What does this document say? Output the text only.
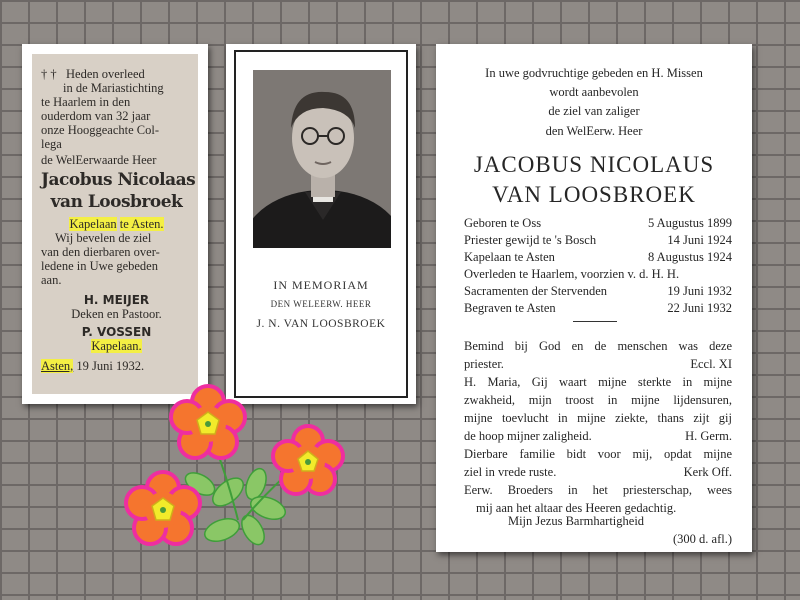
† † Heden overleed
in de Mariastichting
te Haarlem in den
ouderdom van 32 jaar
onze Hooggeachte Col-
lega
de WelEerwaarde Heer
Jacobus Nicolaas
van Loosbroek
Kapelaan te Asten.
Wij bevelen de ziel
van den dierbaren over-
ledene in Uwe gebeden
aan.
H. MEIJER
Deken en Pastoor.
P. VOSSEN
Kapelaan.
Asten, 19 Juni 1932.
IN MEMORIAM
DEN WELEERW. HEER
J. N. VAN LOOSBROEK
In uwe godvruchtige gebeden en H. Missen
wordt aanbevolen
de ziel van zaliger
den WelEerw. Heer
JACOBUS NICOLAUS
VAN LOOSBROEK
Geboren te Oss	5 Augustus 1899
Priester gewijd te 's Bosch	14 Juni 1924
Kapelaan te Asten	8 Augustus 1924
Overleden te Haarlem, voorzien v. d. H. H.
Sacramenten der Stervenden	19 Juni 1932
Begraven te Asten	22 Juni 1932
Bemind bij God en de menschen was deze
priester.	Eccl. XI
H. Maria, Gij waart mijne sterkte in mijne
zwakheid, mijn troost in mijne lijdensuren,
mijne toevlucht in mijne ziekte, thans zijt gij
de hoop mijner zaligheid.	H. Germ.
Dierbare familie bidt voor mij, opdat mijne
ziel in vrede ruste.	Kerk Off.
Eerw. Broeders in het priesterschap, wees
mij aan het altaar des Heeren gedachtig.
Mijn Jezus Barmhartigheid
(300 d. afl.)
